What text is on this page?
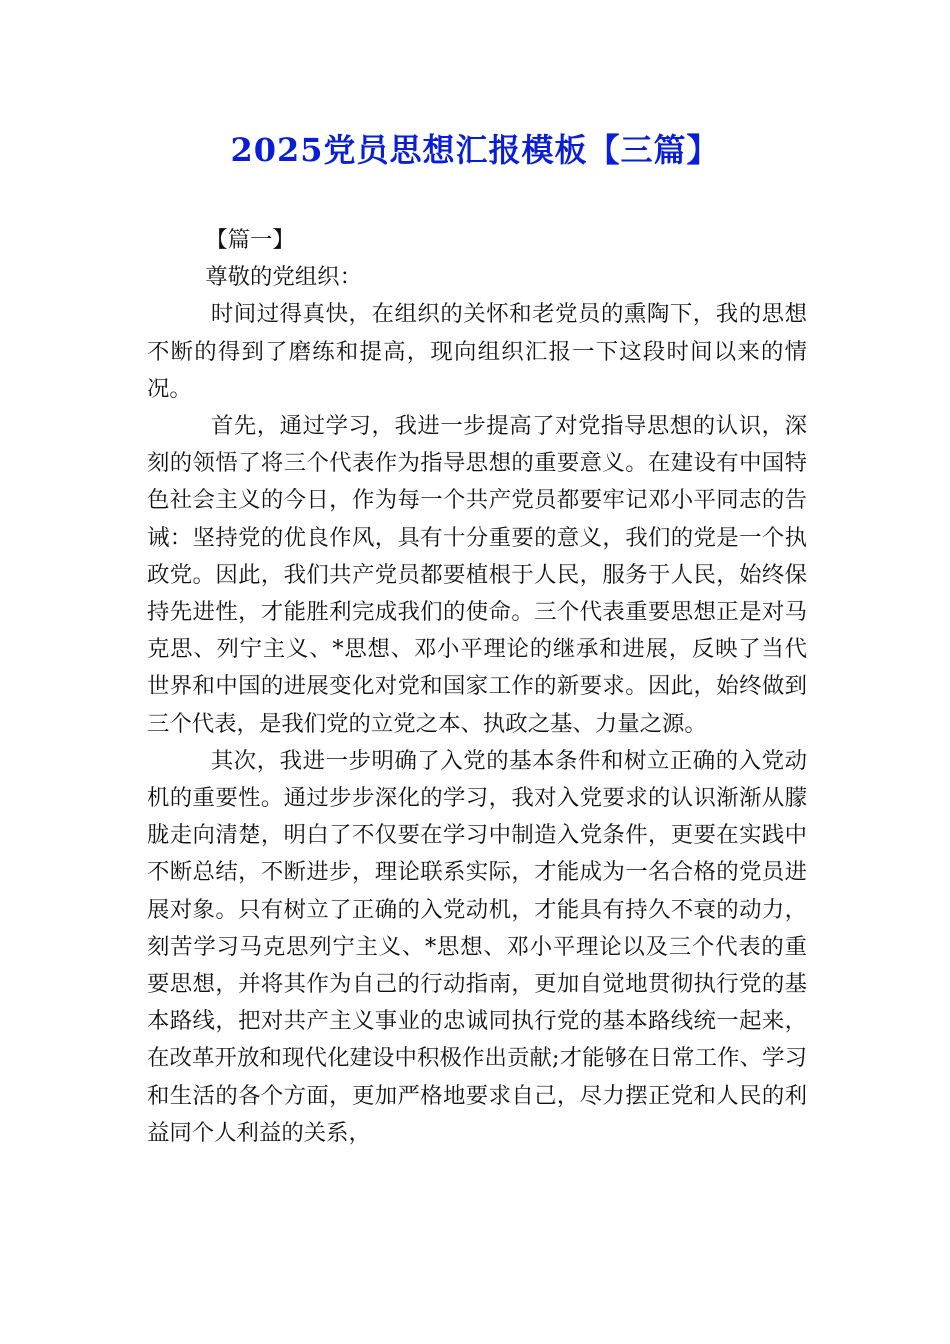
2025党员思想汇报模板【三篇】

【篇一】

尊敬的党组织：

时间过得真快，在组织的关怀和老党员的熏陶下，我的思想不断的得到了磨练和提高，现向组织汇报一下这段时间以来的情况。

首先，通过学习，我进一步提高了对党指导思想的认识，深刻的领悟了将三个代表作为指导思想的重要意义。在建设有中国特色社会主义的今日，作为每一个共产党员都要牢记邓小平同志的告诫：坚持党的优良作风，具有十分重要的意义，我们的党是一个执政党。因此，我们共产党员都要植根于人民，服务于人民，始终保持先进性，才能胜利完成我们的使命。三个代表重要思想正是对马克思、列宁主义、*思想、邓小平理论的继承和进展，反映了当代世界和中国的进展变化对党和国家工作的新要求。因此，始终做到三个代表，是我们党的立党之本、执政之基、力量之源。

其次，我进一步明确了入党的基本条件和树立正确的入党动机的重要性。通过步步深化的学习，我对入党要求的认识渐渐从朦胧走向清楚，明白了不仅要在学习中制造入党条件，更要在实践中不断总结，不断进步，理论联系实际，才能成为一名合格的党员进展对象。只有树立了正确的入党动机，才能具有持久不衰的动力，刻苦学习马克思列宁主义、*思想、邓小平理论以及三个代表的重要思想，并将其作为自己的行动指南，更加自觉地贯彻执行党的基本路线，把对共产主义事业的忠诚同执行党的基本路线统一起来，在改革开放和现代化建设中积极作出贡献;才能够在日常工作、学习和生活的各个方面，更加严格地要求自己，尽力摆正党和人民的利益同个人利益的关系，
